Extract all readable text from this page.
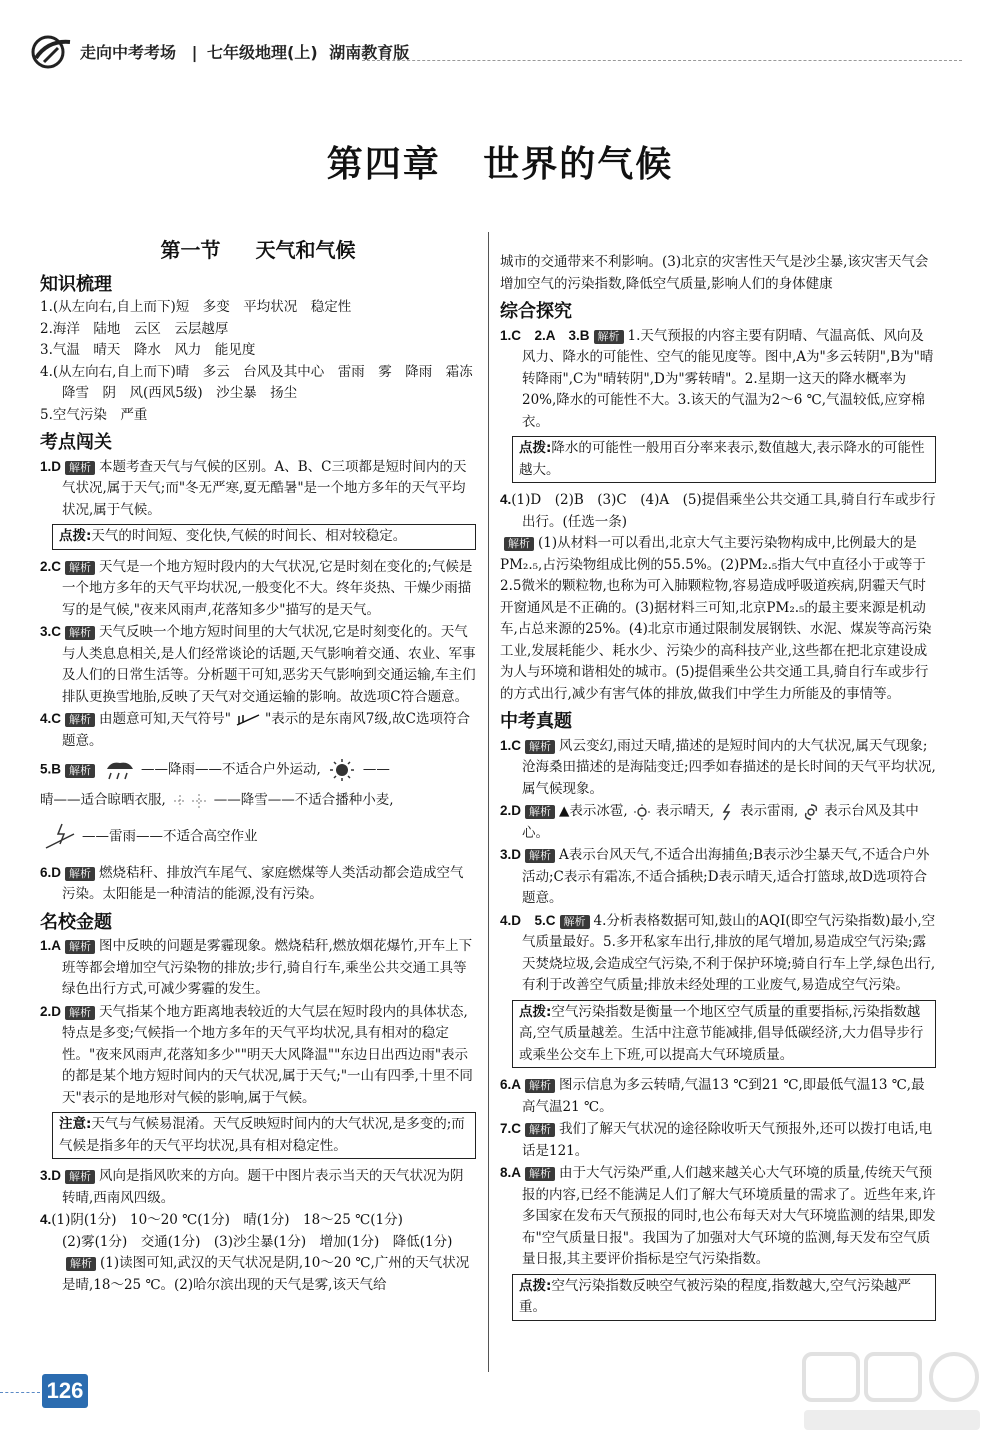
走向中考考场 | 七年级地理(上) 湖南教育版
第四章 世界的气候
第一节 天气和气候
知识梳理

1.(从左向右,自上而下)短　多变　平均状况　稳定性

2.海洋　陆地　云区　云层越厚

3.气温　晴天　降水　风力　能见度

4.(从左向右,自上而下)晴　多云　台风及其中心　雷雨　雾　降雨　霜冻　降雪　阴　风(西风5级)　沙尘暴　扬尘

5.空气污染　严重

考点闯关

1.D 解析 本题考查天气与气候的区别。A、B、C三项都是短时间内的天气状况,属于天气;而"冬无严寒,夏无酷暑"是一个地方多年的天气平均状况,属于气候。

点拨:天气的时间短、变化快,气候的时间长、相对较稳定。

2.C 解析 天气是一个地方短时段内的大气状况,它是时刻在变化的;气候是一个地方多年的天气平均状况,一般变化不大。终年炎热、干燥少雨描写的是气候,"夜来风雨声,花落知多少"描写的是天气。

3.C 解析 天气反映一个地方短时间里的大气状况,它是时刻变化的。天气与人类息息相关,是人们经常谈论的话题,天气影响着交通、农业、军事及人们的日常生活等。分析题干可知,恶劣天气影响到交通运输,车主们排队更换雪地胎,反映了天气对交通运输的影响。故选项C符合题意。

4.C 解析 由题意可知,天气符号"	"表示的是东南风7级,故C选项符合题意。

5.B 解析	——降雨——不适合户外运动,	——

晴——适合晾晒衣服,	——降雪——不适合播种小麦,

——雷雨——不适合高空作业

6.D 解析 燃烧秸秆、排放汽车尾气、家庭燃煤等人类活动都会造成空气污染。太阳能是一种清洁的能源,没有污染。

名校金题

1.A 解析 图中反映的问题是雾霾现象。燃烧秸秆,燃放烟花爆竹,开车上下班等都会增加空气污染物的排放;步行,骑自行车,乘坐公共交通工具等绿色出行方式,可减少雾霾的发生。

2.D 解析 天气指某个地方距离地表较近的大气层在短时段内的具体状态,特点是多变;气候指一个地方多年的天气平均状况,具有相对的稳定性。"夜来风雨声,花落知多少""明天大风降温""东边日出西边雨"表示的都是某个地方短时间内的天气状况,属于天气;"一山有四季,十里不同天"表示的是地形对气候的影响,属于气候。

注意:天气与气候易混淆。天气反映短时间内的大气状况,是多变的;而气候是指多年的天气平均状况,具有相对稳定性。

3.D 解析 风向是指风吹来的方向。题干中图片表示当天的天气状况为阴转晴,西南风四级。

4.(1)阴(1分)　10～20 ℃(1分)　晴(1分)　18～25 ℃(1分)

(2)雾(1分)　交通(1分)　(3)沙尘暴(1分)　增加(1分)　降低(1分)

解析 (1)读图可知,武汉的天气状况是阴,10～20 ℃,广州的天气状况是晴,18～25 ℃。(2)哈尔滨出现的天气是雾,该天气给

城市的交通带来不利影响。(3)北京的灾害性天气是沙尘暴,该灾害天气会增加空气的污染指数,降低空气质量,影响人们的身体健康

综合探究

1.C　2.A　3.B 解析 1.天气预报的内容主要有阴晴、气温高低、风向及风力、降水的可能性、空气的能见度等。图中,A为"多云转阴",B为"晴转降雨",C为"晴转阴",D为"雾转晴"。2.星期一这天的降水概率为20%,降水的可能性不大。3.该天的气温为2～6 ℃,气温较低,应穿棉衣。

点拨:降水的可能性一般用百分率来表示,数值越大,表示降水的可能性越大。

4.(1)D　(2)B　(3)C　(4)A　(5)提倡乘坐公共交通工具,骑自行车或步行出行。(任选一条)

解析 (1)从材料一可以看出,北京大气主要污染物构成中,比例最大的是PM₂.₅,占污染物组成比例的55.5%。(2)PM₂.₅指大气中直径小于或等于2.5微米的颗粒物,也称为可入肺颗粒物,容易造成呼吸道疾病,阴霾天气时开窗通风是不正确的。(3)据材料三可知,北京PM₂.₅的最主要来源是机动车,占总来源的25%。(4)北京市通过限制发展钢铁、水泥、煤炭等高污染工业,发展耗能少、耗水少、污染少的高科技产业,这些都在把北京建设成为人与环境和谐相处的城市。(5)提倡乘坐公共交通工具,骑自行车或步行的方式出行,减少有害气体的排放,做我们中学生力所能及的事情等。

中考真题

1.C 解析 风云变幻,雨过天晴,描述的是短时间内的大气状况,属天气现象;沧海桑田描述的是海陆变迁;四季如春描述的是长时间的天气平均状况,属气候现象。

2.D 解析 ▲表示冰雹, 表示晴天, 表示雷雨, 表示台风及其中心。

3.D 解析 A表示台风天气,不适合出海捕鱼;B表示沙尘暴天气,不适合户外活动;C表示有霜冻,不适合插秧;D表示晴天,适合打篮球,故D选项符合题意。

4.D　5.C 解析 4.分析表格数据可知,鼓山的AQI(即空气污染指数)最小,空气质量最好。5.多开私家车出行,排放的尾气增加,易造成空气污染;露天焚烧垃圾,会造成空气污染,不利于保护环境;骑自行车上学,绿色出行,有利于改善空气质量;排放未经处理的工业废气,易造成空气污染。

点拨:空气污染指数是衡量一个地区空气质量的重要指标,污染指数越高,空气质量越差。生活中注意节能减排,倡导低碳经济,大力倡导步行或乘坐公交车上下班,可以提高大气环境质量。

6.A 解析 图示信息为多云转晴,气温13 ℃到21 ℃,即最低气温13 ℃,最高气温21 ℃。

7.C 解析 我们了解天气状况的途径除收听天气预报外,还可以拨打电话,电话是121。

8.A 解析 由于大气污染严重,人们越来越关心大气环境的质量,传统天气预报的内容,已经不能满足人们了解大气环境质量的需求了。近些年来,许多国家在发布天气预报的同时,也公布每天对大气环境监测的结果,即发布"空气质量日报"。我国为了加强对大气环境的监测,每天发布空气质量日报,其主要评价指标是空气污染指数。

点拨:空气污染指数反映空气被污染的程度,指数越大,空气污染越严重。
126
